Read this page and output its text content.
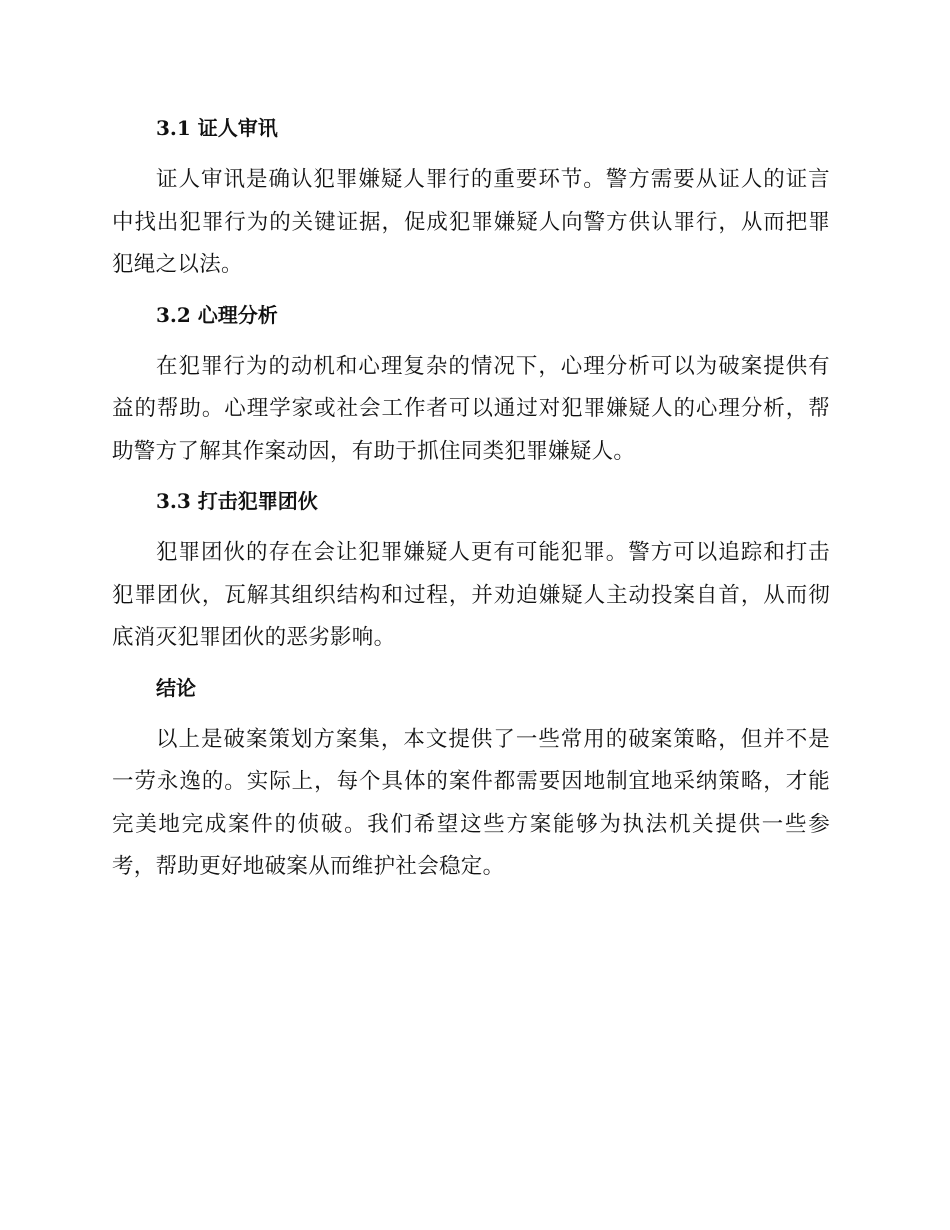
3.1 证人审讯

证人审讯是确认犯罪嫌疑人罪行的重要环节。警方需要从证人的证言中找出犯罪行为的关键证据，促成犯罪嫌疑人向警方供认罪行，从而把罪犯绳之以法。

3.2 心理分析

在犯罪行为的动机和心理复杂的情况下，心理分析可以为破案提供有益的帮助。心理学家或社会工作者可以通过对犯罪嫌疑人的心理分析，帮助警方了解其作案动因，有助于抓住同类犯罪嫌疑人。

3.3 打击犯罪团伙

犯罪团伙的存在会让犯罪嫌疑人更有可能犯罪。警方可以追踪和打击犯罪团伙，瓦解其组织结构和过程，并劝迫嫌疑人主动投案自首，从而彻底消灭犯罪团伙的恶劣影响。

结论

以上是破案策划方案集，本文提供了一些常用的破案策略，但并不是一劳永逸的。实际上，每个具体的案件都需要因地制宜地采纳策略，才能完美地完成案件的侦破。我们希望这些方案能够为执法机关提供一些参考，帮助更好地破案从而维护社会稳定。
